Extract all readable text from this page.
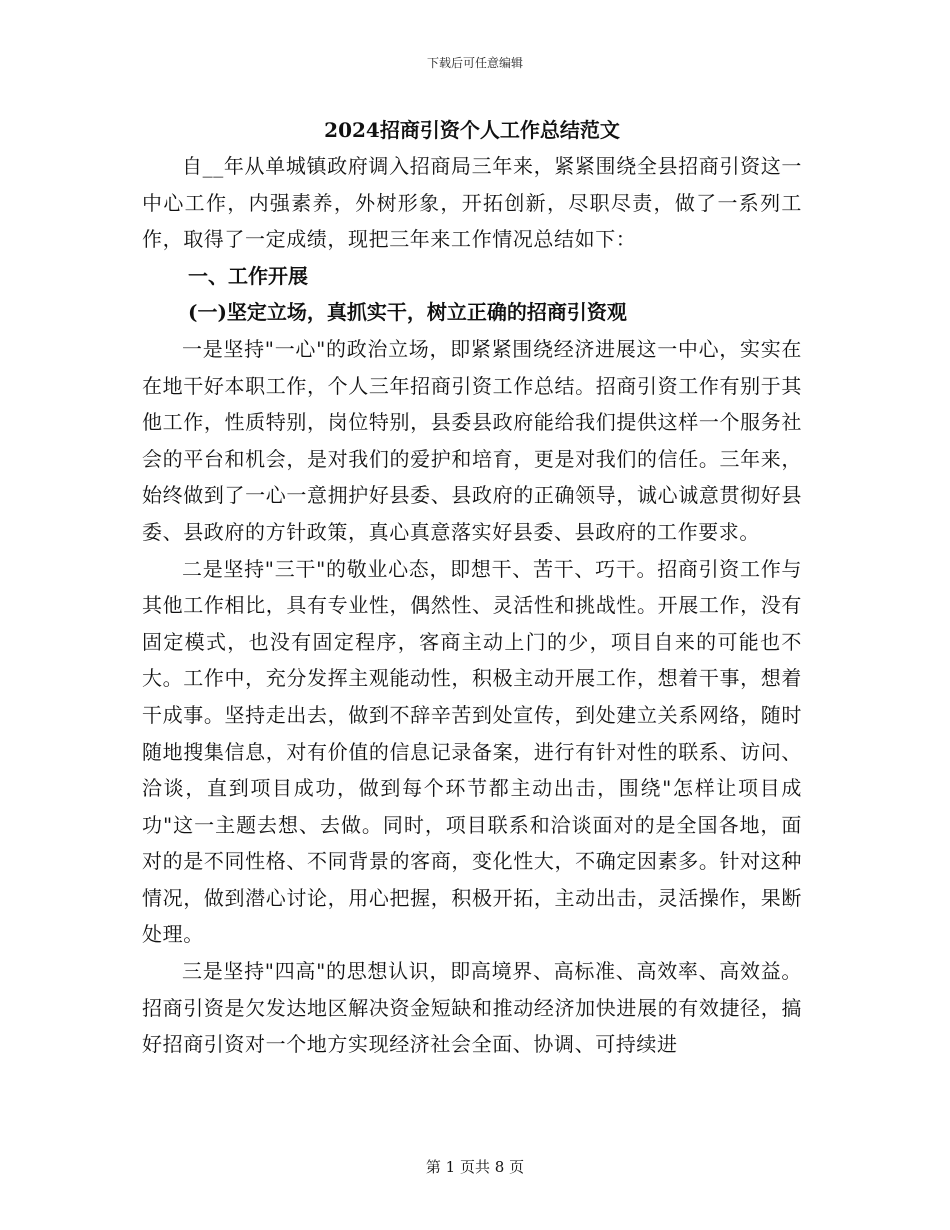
下载后可任意编辑

2024招商引资个人工作总结范文

自__年从单城镇政府调入招商局三年来，紧紧围绕全县招商引资这一中心工作，内强素养，外树形象，开拓创新，尽职尽责，做了一系列工作，取得了一定成绩，现把三年来工作情况总结如下：

一、工作开展

(一)坚定立场，真抓实干，树立正确的招商引资观

一是坚持"一心"的政治立场，即紧紧围绕经济进展这一中心，实实在在地干好本职工作，个人三年招商引资工作总结。招商引资工作有别于其他工作，性质特别，岗位特别，县委县政府能给我们提供这样一个服务社会的平台和机会，是对我们的爱护和培育，更是对我们的信任。三年来，始终做到了一心一意拥护好县委、县政府的正确领导，诚心诚意贯彻好县委、县政府的方针政策，真心真意落实好县委、县政府的工作要求。

二是坚持"三干"的敬业心态，即想干、苦干、巧干。招商引资工作与其他工作相比，具有专业性，偶然性、灵活性和挑战性。开展工作，没有固定模式，也没有固定程序，客商主动上门的少，项目自来的可能也不大。工作中，充分发挥主观能动性，积极主动开展工作，想着干事，想着干成事。坚持走出去，做到不辞辛苦到处宣传，到处建立关系网络，随时随地搜集信息，对有价值的信息记录备案，进行有针对性的联系、访问、洽谈，直到项目成功，做到每个环节都主动出击，围绕"怎样让项目成功"这一主题去想、去做。同时，项目联系和洽谈面对的是全国各地，面对的是不同性格、不同背景的客商，变化性大，不确定因素多。针对这种情况，做到潜心讨论，用心把握，积极开拓，主动出击，灵活操作，果断处理。

三是坚持"四高"的思想认识，即高境界、高标准、高效率、高效益。招商引资是欠发达地区解决资金短缺和推动经济加快进展的有效捷径，搞好招商引资对一个地方实现经济社会全面、协调、可持续进

第 1 页共 8 页
